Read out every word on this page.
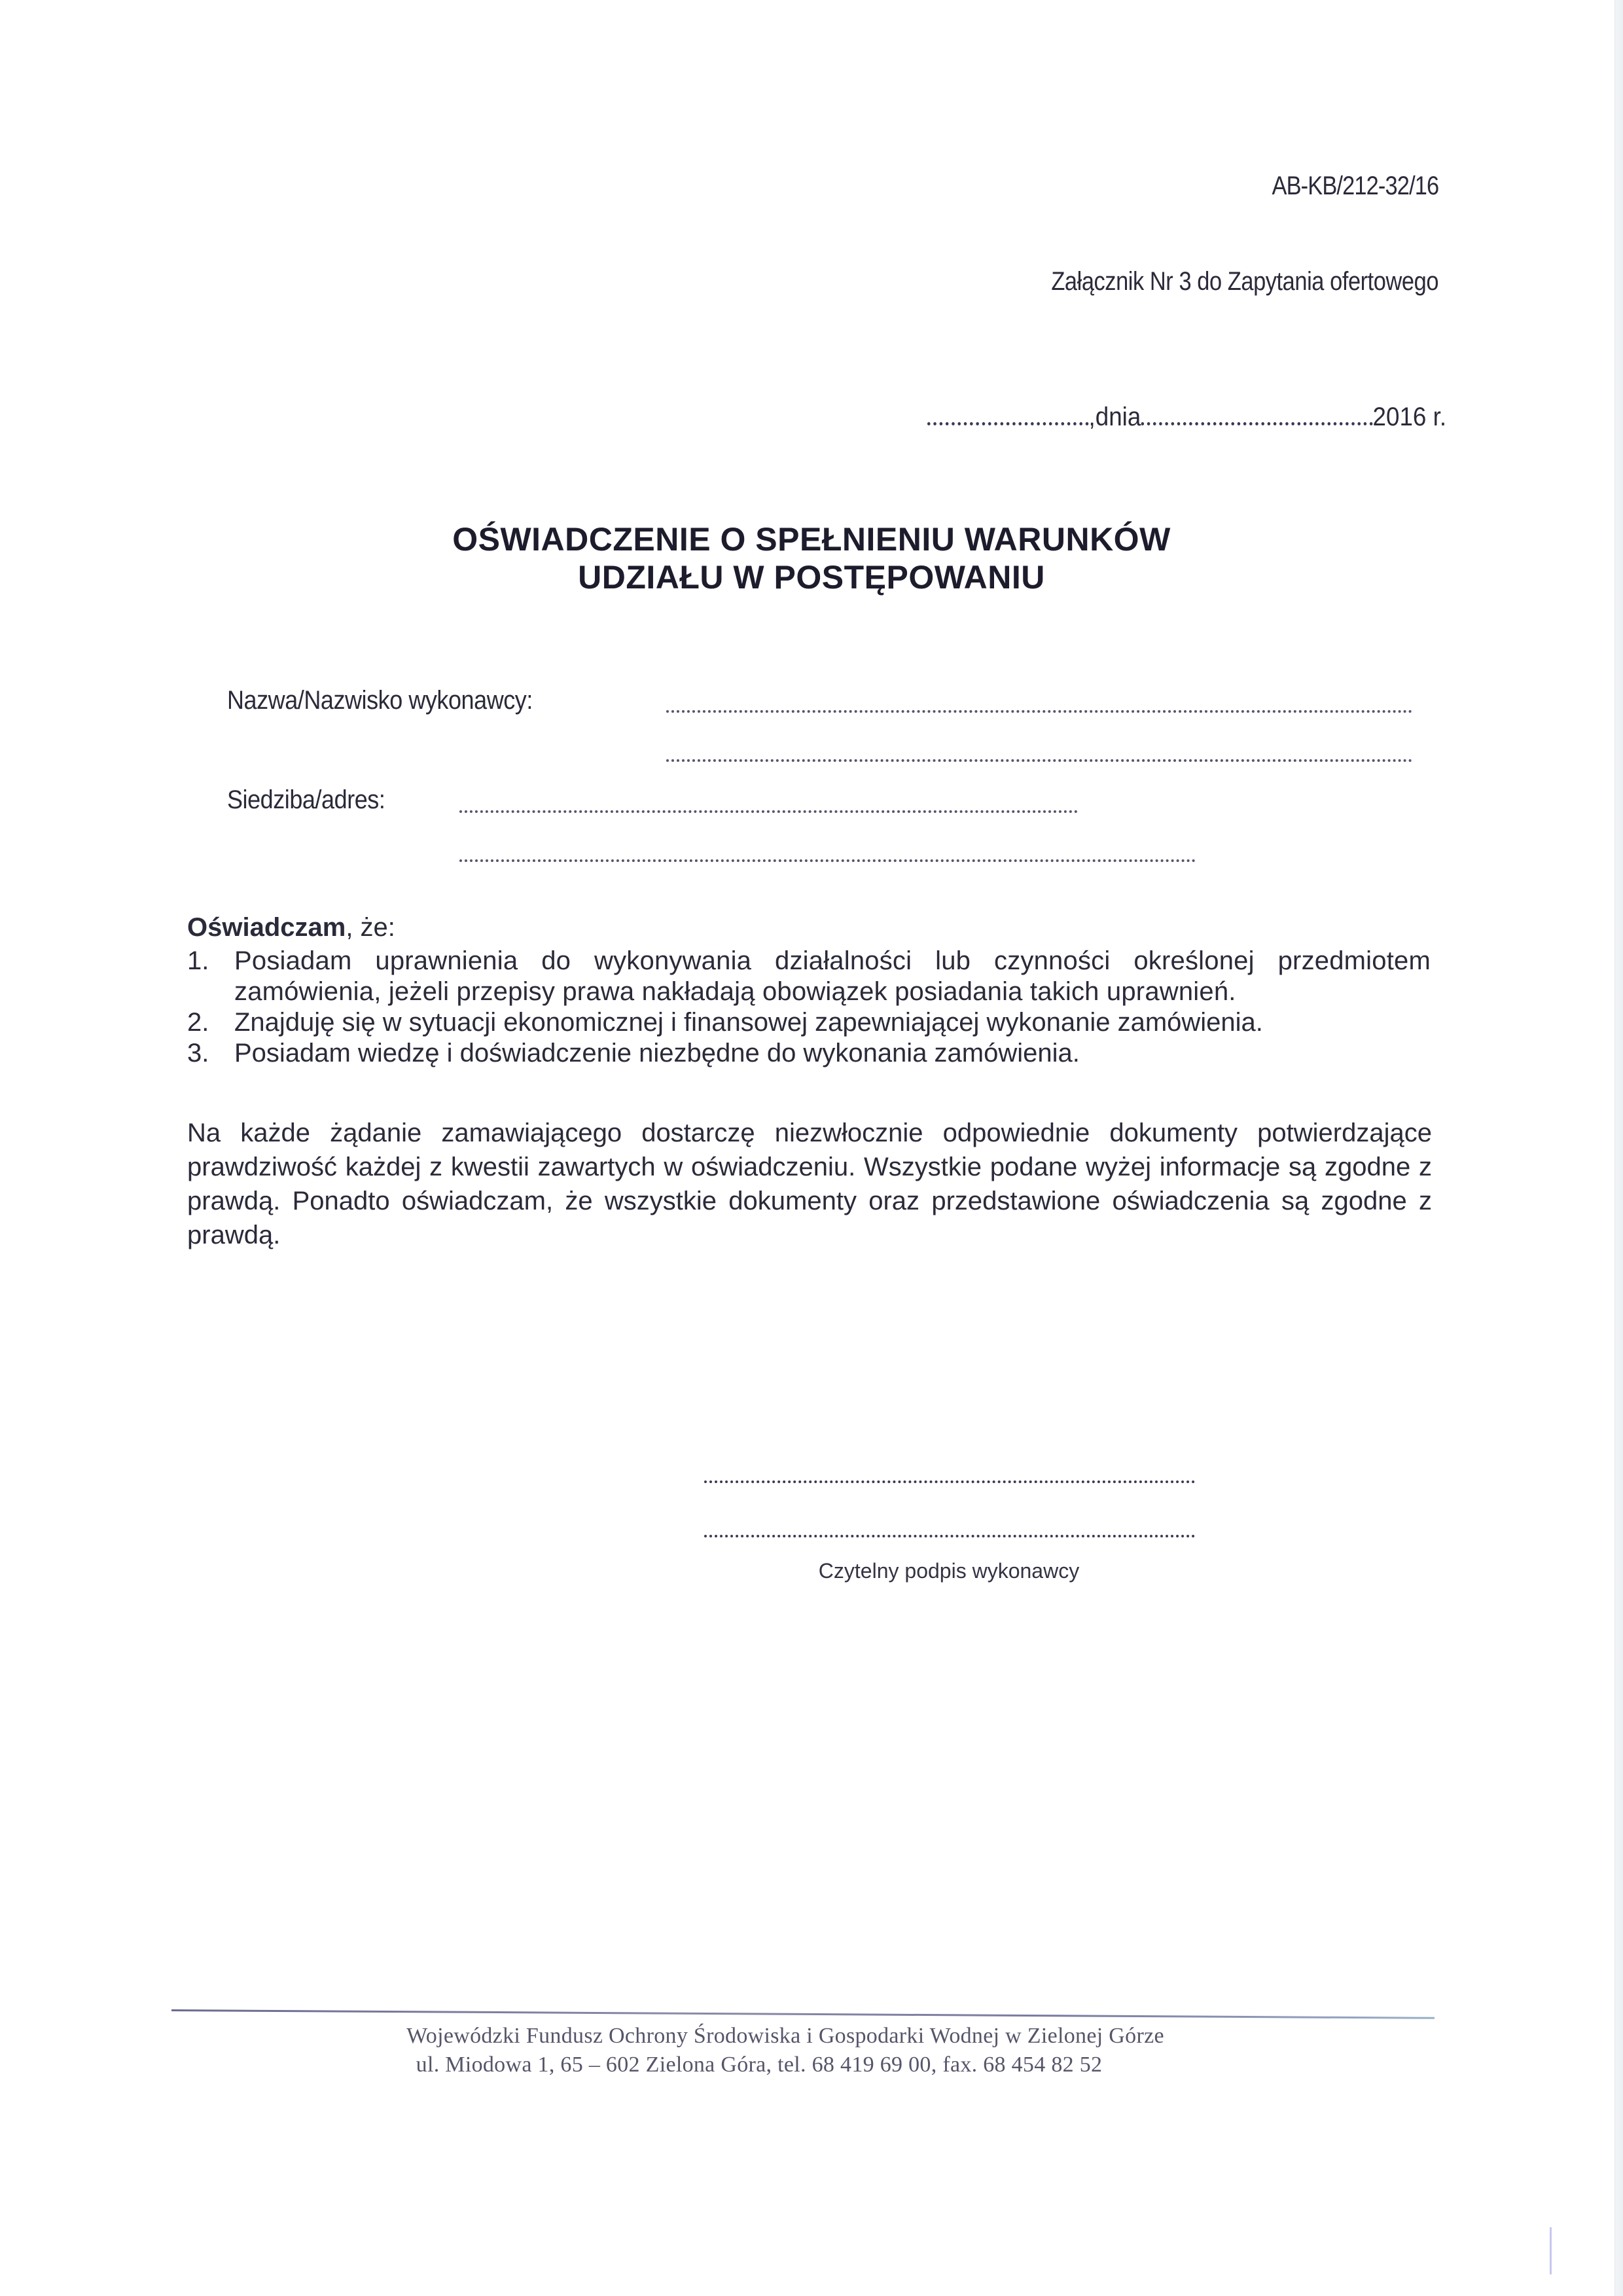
AB-KB/212-32/16
Załącznik Nr 3 do Zapytania ofertowego
,dnia	2016 r.
OŚWIADCZENIE O SPEŁNIENIU WARUNKÓW
UDZIAŁU W POSTĘPOWANIU
Nazwa/Nazwisko wykonawcy:
Siedziba/adres:
Oświadczam, że:
1. Posiadam uprawnienia do wykonywania działalności lub czynności określonej przedmiotem zamówienia, jeżeli przepisy prawa nakładają obowiązek posiadania takich uprawnień.
2. Znajduję się w sytuacji ekonomicznej i finansowej zapewniającej wykonanie zamówienia.
3. Posiadam wiedzę i doświadczenie niezbędne do wykonania zamówienia.
Na każde żądanie zamawiającego dostarczę niezwłocznie odpowiednie dokumenty potwierdzające prawdziwość każdej z kwestii zawartych w oświadczeniu. Wszystkie podane wyżej informacje są zgodne z prawdą. Ponadto oświadczam, że wszystkie dokumenty oraz przedstawione oświadczenia są zgodne z prawdą.
Czytelny podpis wykonawcy
Wojewódzki Fundusz Ochrony Środowiska i Gospodarki Wodnej w Zielonej Górze
ul. Miodowa 1, 65 – 602 Zielona Góra, tel. 68 419 69 00, fax. 68 454 82 52
